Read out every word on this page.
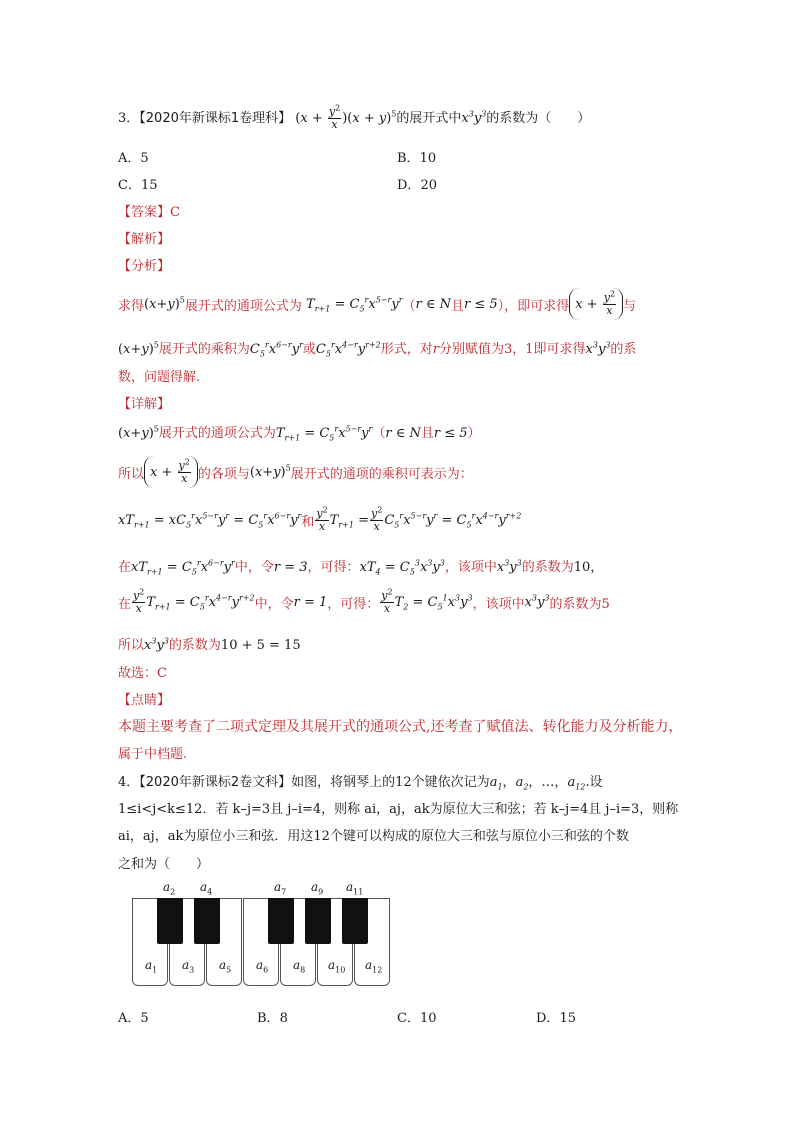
3．【2020年新课标1卷理科】 $(x + \frac{y^2}{x} )(x + y)^5$的展开式中$x^3y^3$的系数为（　　）
A．5	B．10
C．15	D．20
【答案】C
【解析】
【分析】
求得 $(x+y)^5$ 展开式的通项公式为 $T_{r+1} = C_5^rx^{5-r}y^r$ （ r ∈ N 且 r ≤ 5 ），即可求得 $x + \frac{y^2}{x}$ 与
$(x+y)^5$展开式的乘积为$C_5^rx^{6-r}y^r$或$C_5^rx^{4-r}y^{r+2}$形式，对r分别赋值为3，1即可求得$x^3y^3$的系
数，问题得解.
【详解】
$(x+y)^5$展开式的通项公式为$T_{r+1} = C_5^rx^{5-r}y^r(r$ ∈ N且r ≤ 5）
所以 $x + \frac{y^2}{x}$ 的各项与 $(x+y)^5$ 展开式的通项的乘积可表示为：
$xT_{r+1} = xC_5^rx^{5-r}y^r = C_5^rx^{6-r}y^r$ 和 $\frac{y^2}{x} T_{r+1} = \frac{y^2}{x} C_5^rx^{5-r}y^r = C_5^rx^{4-r}y^{r+2}$
在$xT_{r+1} = C_5^rx^{6-r}y^r$中，令r = 3，可得：$xT_4 = C_5^3x^3y^3$，该项中$x^3y^3$的系数为10，
在 $\frac{y^2}{x} T_{r+1} = C_5^rx^{4-r}y^{r+2}$ 中，令 r = 1 ，可得： $\frac{y^2}{x} T_2 = C_5^1x^3y^3$ ，该项中 $x^3y^3$ 的系数为5
所以$x^3y^3$的系数为10 + 5 = 15
故选：C
【点睛】
本题主要考查了二项式定理及其展开式的通项公式,还考查了赋值法、转化能力及分析能力，
属于中档题.
4．【2020年新课标2卷文科】如图，将钢琴上的12个键依次记为$a_1$，$a_2$，…，$a_{12}$.设
1≤i<j<k≤12．若 k–j=3且 j–i=4，则称 ai，aj，ak为原位大三和弦；若 k–j=4且 j–i=3，则称
ai，aj，ak为原位小三和弦．用这12个键可以构成的原位大三和弦与原位小三和弦的个数
之和为（　　）
$a_2$ $a_4$	$a_7$ $a_9$ $a_{11}$
$a_1$ $a_3$ $a_5$ $a_6$ $a_8$ $a_{10}$ $a_{12}$
A．5	B．8	C．10	D．15
